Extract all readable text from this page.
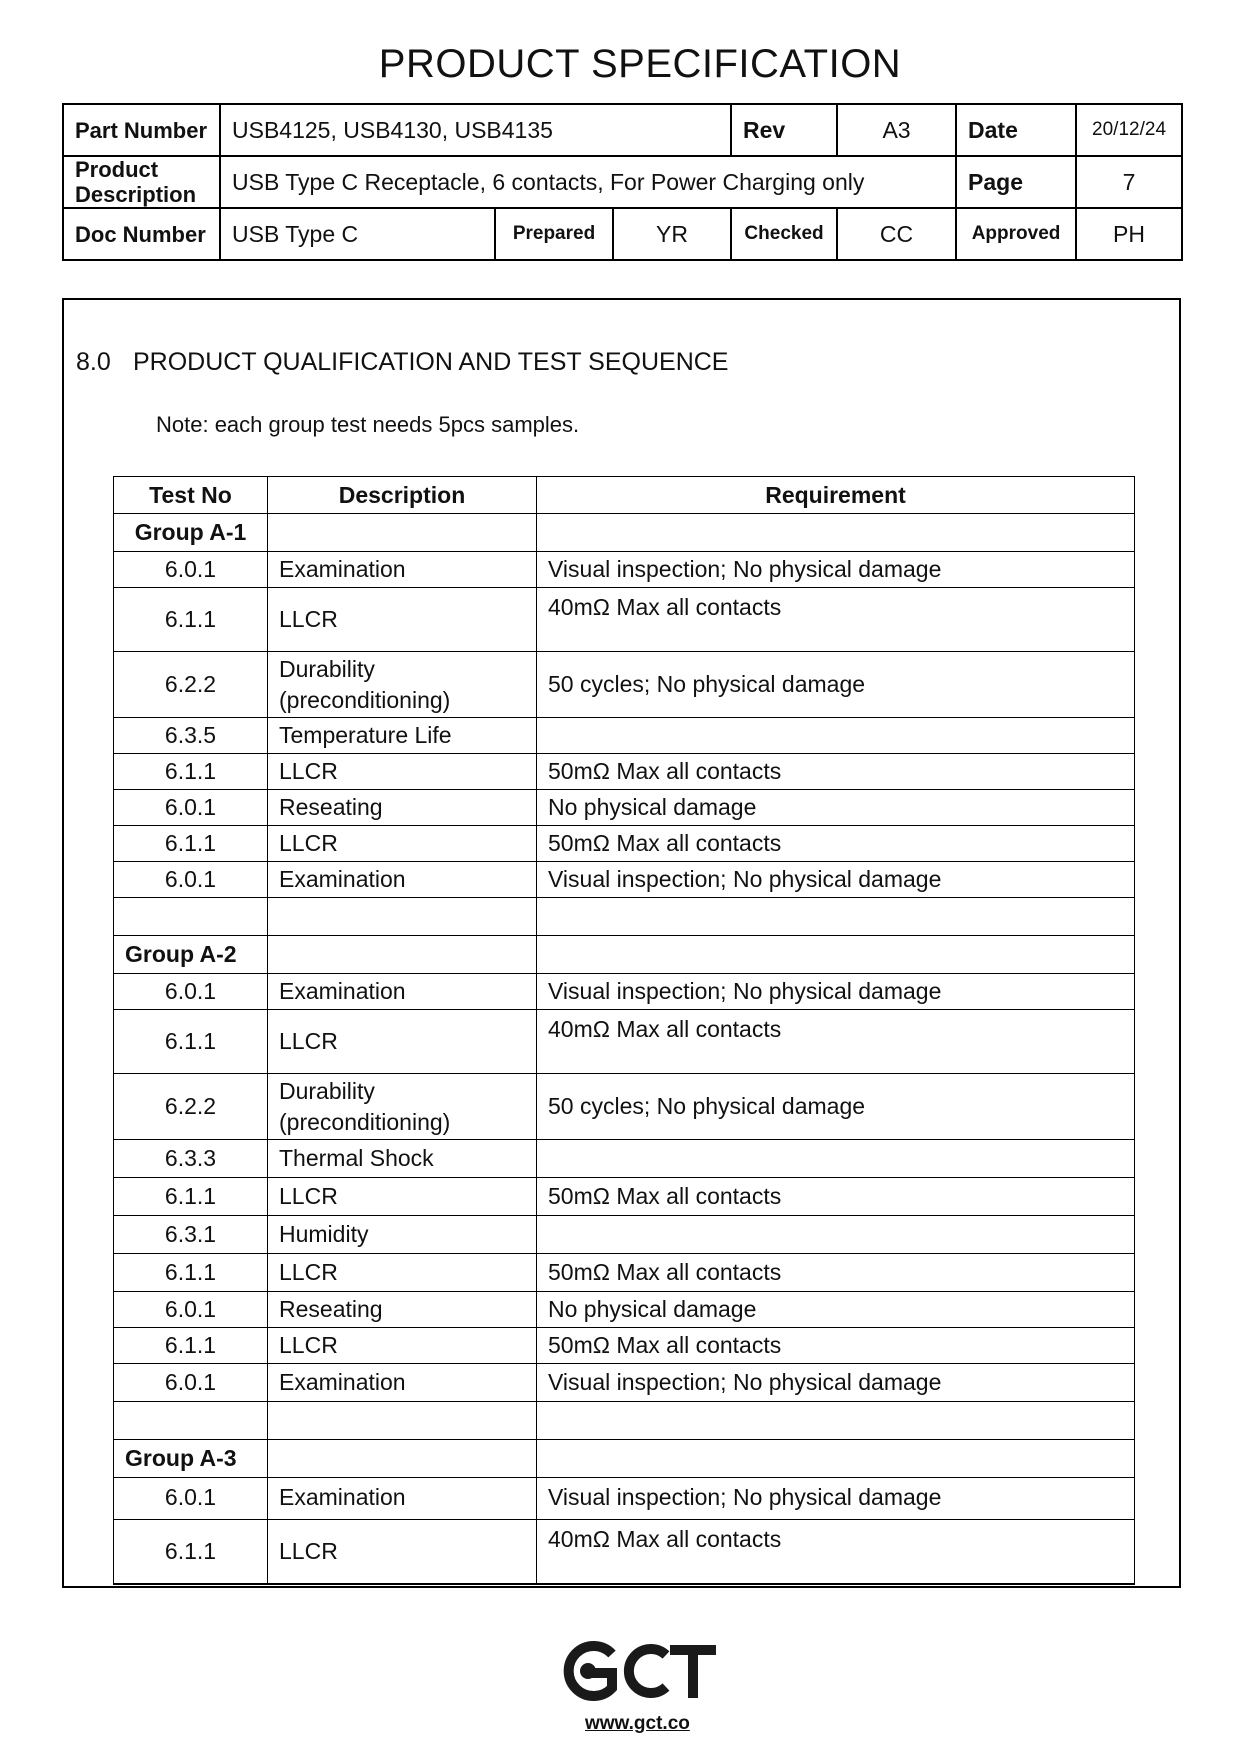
PRODUCT SPECIFICATION
Part Number	USB4125, USB4130, USB4135			Rev	A3	Date	20/12/24
Product Description	USB Type C Receptacle, 6 contacts, For Power Charging only					Page	7
Doc Number	USB Type C	Prepared	YR	Checked	CC	Approved	PH
8.0 PRODUCT QUALIFICATION AND TEST SEQUENCE
Note: each group test needs 5pcs samples.
Test No	Description	Requirement
Group A-1		
6.0.1	Examination	Visual inspection; No physical damage
6.1.1	LLCR	40mΩ Max all contacts
6.2.2	Durability (preconditioning)	50 cycles; No physical damage
6.3.5	Temperature Life	
6.1.1	LLCR	50mΩ Max all contacts
6.0.1	Reseating	No physical damage
6.1.1	LLCR	50mΩ Max all contacts
6.0.1	Examination	Visual inspection; No physical damage

Group A-2		
6.0.1	Examination	Visual inspection; No physical damage
6.1.1	LLCR	40mΩ Max all contacts
6.2.2	Durability (preconditioning)	50 cycles; No physical damage
6.3.3	Thermal Shock	
6.1.1	LLCR	50mΩ Max all contacts
6.3.1	Humidity	
6.1.1	LLCR	50mΩ Max all contacts
6.0.1	Reseating	No physical damage
6.1.1	LLCR	50mΩ Max all contacts
6.0.1	Examination	Visual inspection; No physical damage

Group A-3		
6.0.1	Examination	Visual inspection; No physical damage
6.1.1	LLCR	40mΩ Max all contacts
www.gct.co
